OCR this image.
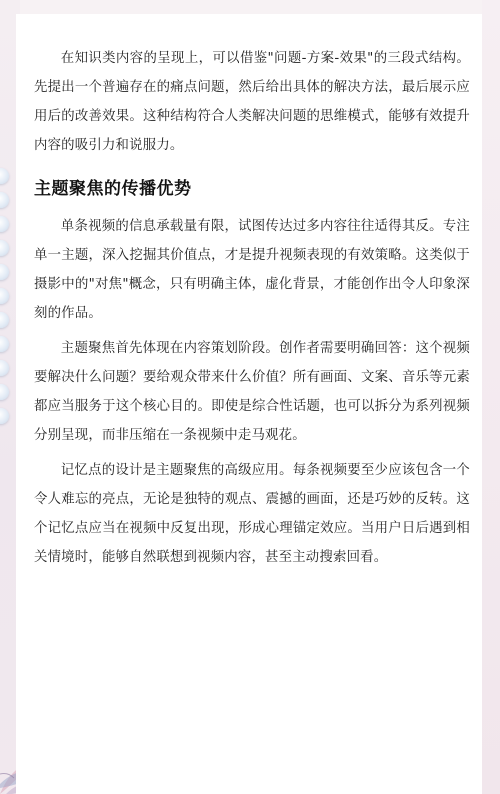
在知识类内容的呈现上，可以借鉴"问题-方案-效果"的三段式结构。先提出一个普遍存在的痛点问题，然后给出具体的解决方法，最后展示应用后的改善效果。这种结构符合人类解决问题的思维模式，能够有效提升内容的吸引力和说服力。

主题聚焦的传播优势

单条视频的信息承载量有限，试图传达过多内容往往适得其反。专注单一主题，深入挖掘其价值点，才是提升视频表现的有效策略。这类似于摄影中的"对焦"概念，只有明确主体，虚化背景，才能创作出令人印象深刻的作品。

主题聚焦首先体现在内容策划阶段。创作者需要明确回答：这个视频要解决什么问题？要给观众带来什么价值？所有画面、文案、音乐等元素都应当服务于这个核心目的。即使是综合性话题，也可以拆分为系列视频分别呈现，而非压缩在一条视频中走马观花。

记忆点的设计是主题聚焦的高级应用。每条视频要至少应该包含一个令人难忘的亮点，无论是独特的观点、震撼的画面，还是巧妙的反转。这个记忆点应当在视频中反复出现，形成心理锚定效应。当用户日后遇到相关情境时，能够自然联想到视频内容，甚至主动搜索回看。
